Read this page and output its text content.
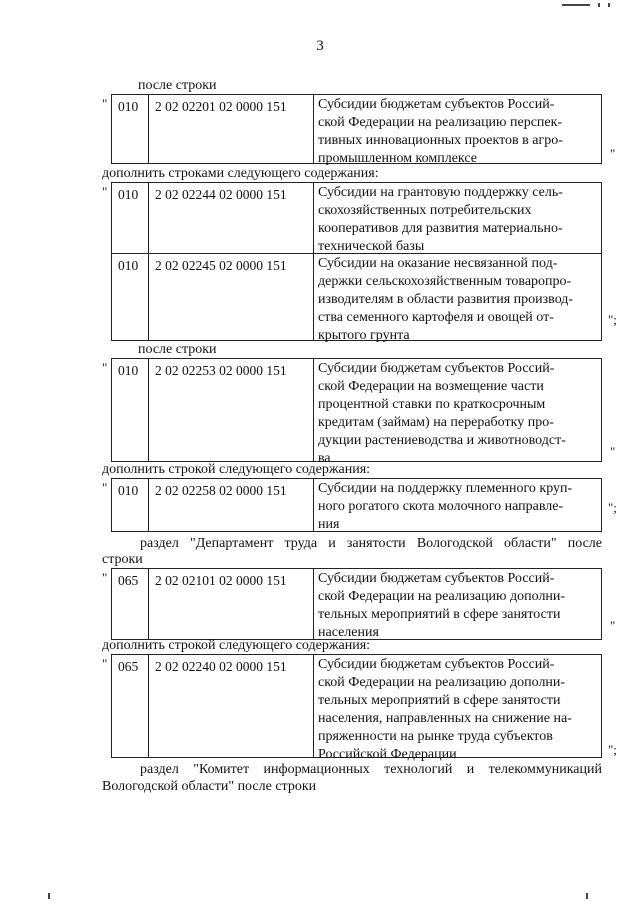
3
после строки
" 010	2 02 02201 02 0000 151	Субсидии бюджетам субъектов Россий-
ской Федерации на реализацию перспек-
тивных инновационных проектов в агро-
промышленном комплексе	"
дополнить строками следующего содержания:
" 010	2 02 02244 02 0000 151	Субсидии на грантовую поддержку сель-
скохозяйственных потребительских
кооперативов для развития материально-
технической базы
010	2 02 02245 02 0000 151	Субсидии на оказание несвязанной под-
держки сельскохозяйственным товаропро-
изводителям в области развития производ-
ства семенного картофеля и овощей от-
крытого грунта
";
после строки
" 010	2 02 02253 02 0000 151	Субсидии бюджетам субъектов Россий-
ской Федерации на возмещение части
процентной ставки по краткосрочным
кредитам (займам) на переработку про-
дукции растениеводства и животноводст-
ва	"
дополнить строкой следующего содержания:
" 010	2 02 02258 02 0000 151	Субсидии на поддержку племенного круп-
ного рогатого скота молочного направле-
ния
";
раздел "Департамент труда и занятости Вологодской области" после
строки
" 065	2 02 02101 02 0000 151	Субсидии бюджетам субъектов Россий-
ской Федерации на реализацию дополни-
тельных мероприятий в сфере занятости
населения	"
дополнить строкой следующего содержания:
" 065	2 02 02240 02 0000 151	Субсидии бюджетам субъектов Россий-
ской Федерации на реализацию дополни-
тельных мероприятий в сфере занятости
населения, направленных на снижение на-
пряженности на рынке труда субъектов
Российской Федерации	";
раздел "Комитет информационных технологий и телекоммуникаций
Вологодской области" после строки
